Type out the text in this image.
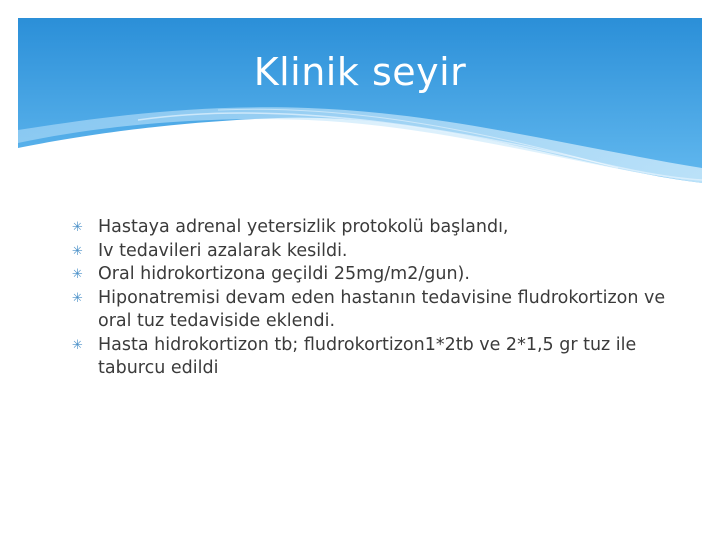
Klinik seyir
✳ Hastaya adrenal yetersizlik protokolü başlandı,
✳ Iv tedavileri azalarak kesildi.
✳ Oral hidrokortizona geçildi 25mg/m2/gun).
✳ Hiponatremisi devam eden hastanın tedavisine fludrokortizon ve oral tuz tedaviside eklendi.
✳ Hasta hidrokortizon tb; fludrokortizon1*2tb ve 2*1,5 gr tuz ile taburcu edildi
